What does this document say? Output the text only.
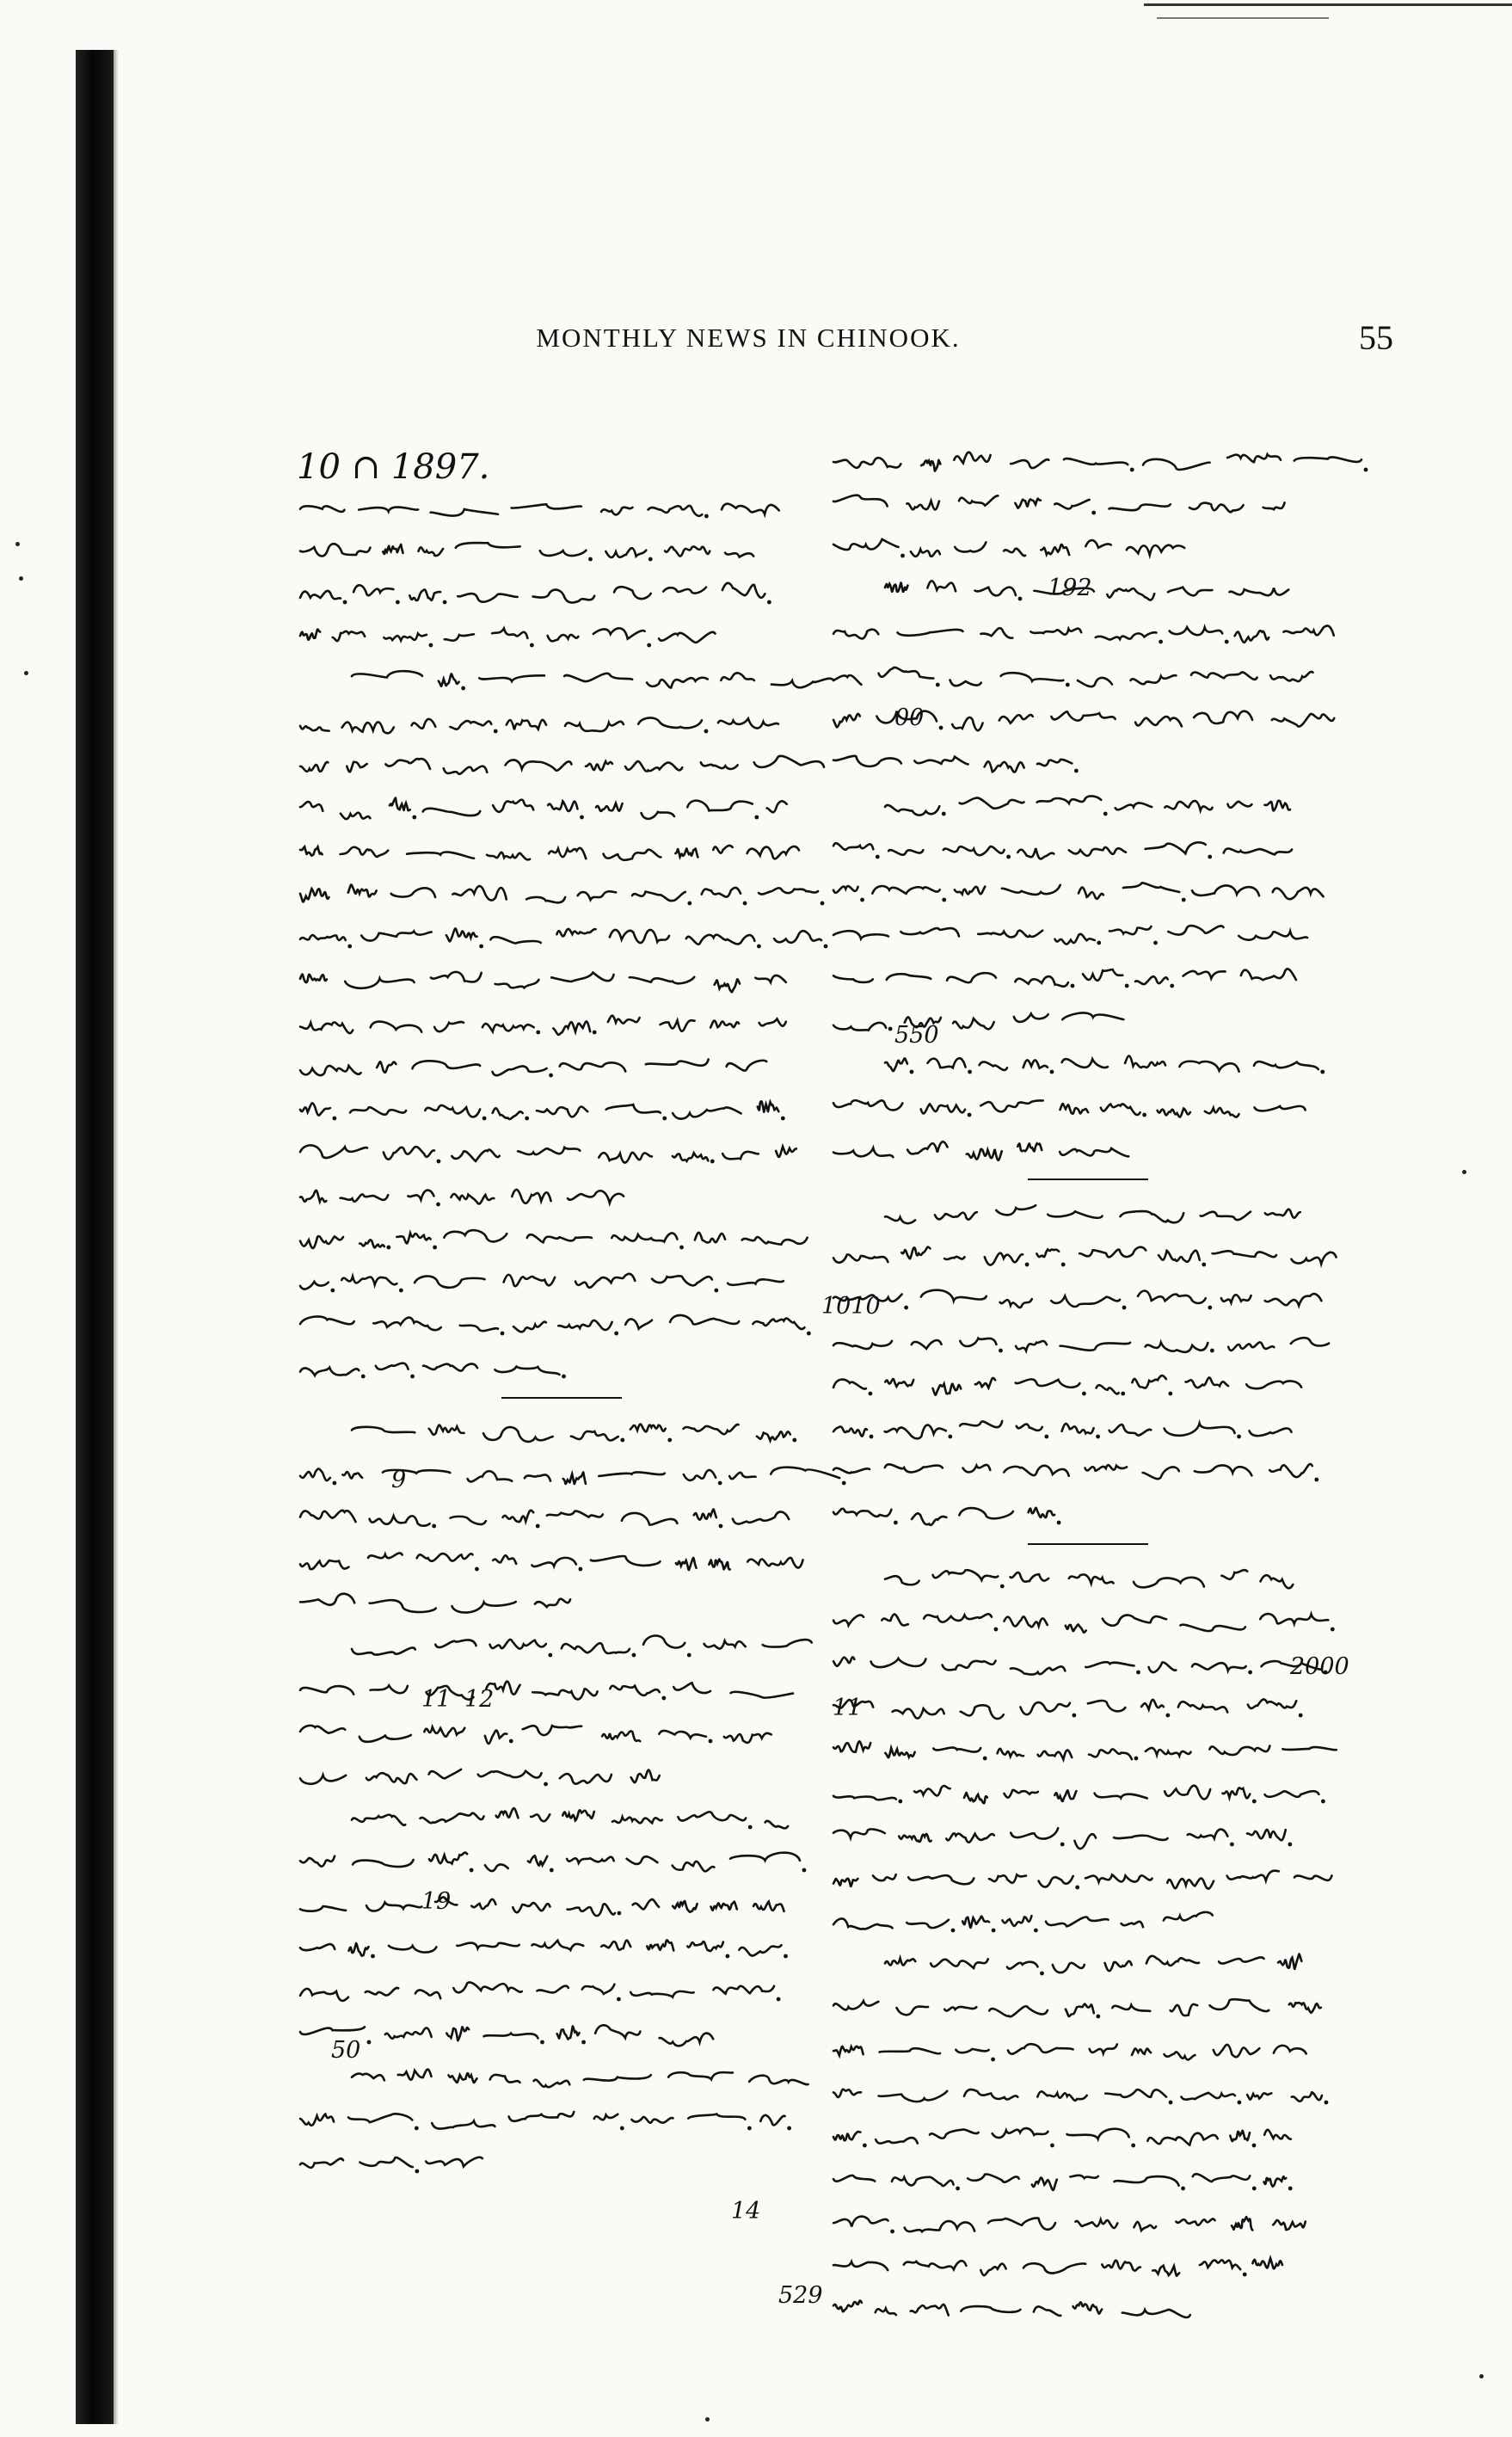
MONTHLY NEWS IN CHINOOK.	55
10 ∩ 1897.
9
11 12
19
50
14
529
192
00
550
1010
2000
11
